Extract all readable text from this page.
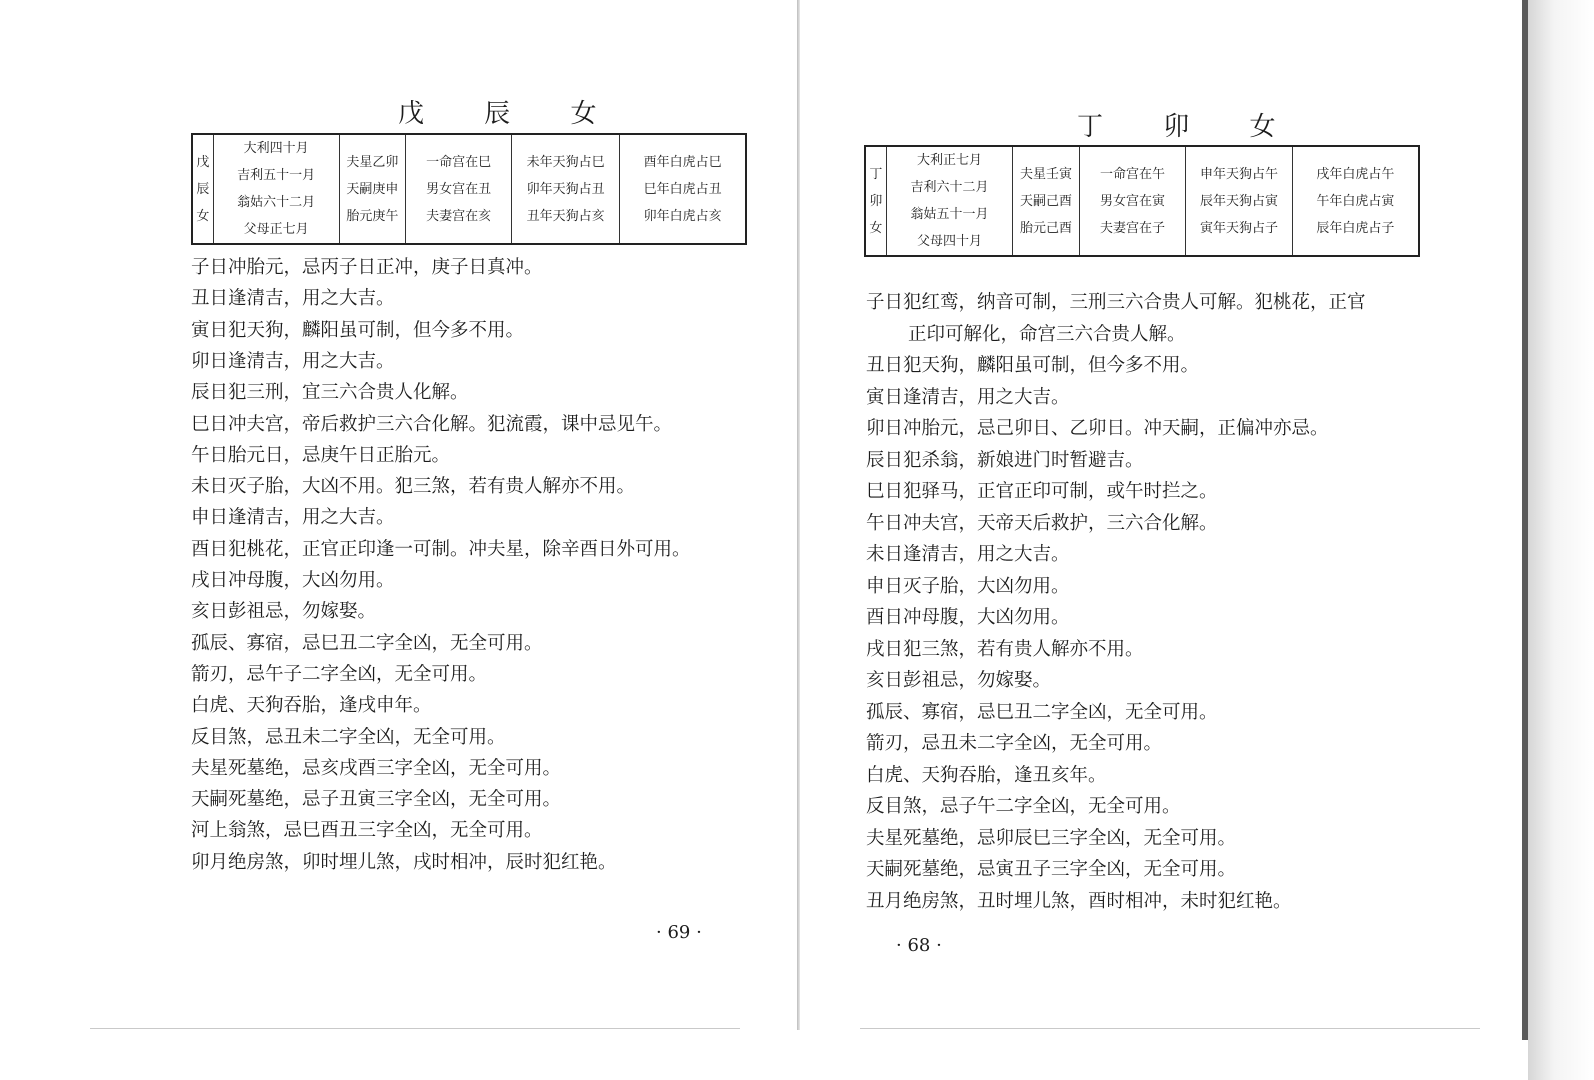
戊 辰 女
戊
辰
女

大利四十月
吉利五十一月
翁姑六十二月
父母正七月

夫星乙卯
天嗣庚申
胎元庚午

一命宫在巳
男女宫在丑
夫妻宫在亥

未年天狗占巳
卯年天狗占丑
丑年天狗占亥

酉年白虎占巳
巳年白虎占丑
卯年白虎占亥
子日冲胎元，忌丙子日正冲，庚子日真冲。
丑日逢清吉，用之大吉。
寅日犯天狗，麟阳虽可制，但今多不用。
卯日逢清吉，用之大吉。
辰日犯三刑，宜三六合贵人化解。
巳日冲夫宫，帝后救护三六合化解。犯流霞，课中忌见午。
午日胎元日，忌庚午日正胎元。
未日灭子胎，大凶不用。犯三煞，若有贵人解亦不用。
申日逢清吉，用之大吉。
酉日犯桃花，正官正印逢一可制。冲夫星，除辛酉日外可用。
戌日冲母腹，大凶勿用。
亥日彭祖忌，勿嫁娶。
孤辰、寡宿，忌巳丑二字全凶，无全可用。
箭刃，忌午子二字全凶，无全可用。
白虎、天狗吞胎，逢戌申年。
反目煞，忌丑未二字全凶，无全可用。
夫星死墓绝，忌亥戌酉三字全凶，无全可用。
天嗣死墓绝，忌子丑寅三字全凶，无全可用。
河上翁煞，忌巳酉丑三字全凶，无全可用。
卯月绝房煞，卯时埋儿煞，戌时相冲，辰时犯红艳。
· 69 ·
丁 卯 女
丁
卯
女

大利正七月
吉利六十二月
翁姑五十一月
父母四十月

夫星壬寅
天嗣己酉
胎元己酉

一命宫在午
男女宫在寅
夫妻宫在子

申年天狗占午
辰年天狗占寅
寅年天狗占子

戌年白虎占午
午年白虎占寅
辰年白虎占子
子日犯红鸾，纳音可制，三刑三六合贵人可解。犯桃花，正官
正印可解化，命宫三六合贵人解。
丑日犯天狗，麟阳虽可制，但今多不用。
寅日逢清吉，用之大吉。
卯日冲胎元，忌己卯日、乙卯日。冲天嗣，正偏冲亦忌。
辰日犯杀翁，新娘进门时暂避吉。
巳日犯驿马，正官正印可制，或午时拦之。
午日冲夫宫，天帝天后救护，三六合化解。
未日逢清吉，用之大吉。
申日灭子胎，大凶勿用。
酉日冲母腹，大凶勿用。
戌日犯三煞，若有贵人解亦不用。
亥日彭祖忌，勿嫁娶。
孤辰、寡宿，忌巳丑二字全凶，无全可用。
箭刃，忌丑未二字全凶，无全可用。
白虎、天狗吞胎，逢丑亥年。
反目煞，忌子午二字全凶，无全可用。
夫星死墓绝，忌卯辰巳三字全凶，无全可用。
天嗣死墓绝，忌寅丑子三字全凶，无全可用。
丑月绝房煞，丑时埋儿煞，酉时相冲，未时犯红艳。
· 68 ·
